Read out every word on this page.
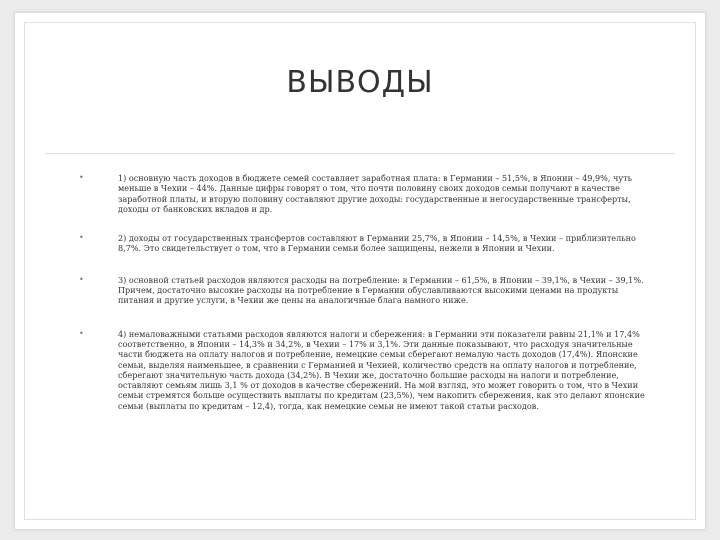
ВЫВОДЫ
•	1) основную часть доходов в бюджете семей составляет заработная плата: в Германии – 51,5%, в Японии – 49,9%, чуть меньше в Чехии – 44%. Данные цифры говорят о том, что почти половину своих доходов семьи получают в качестве заработной платы, и вторую половину составляют другие доходы: государственные и негосударственные трансферты, доходы от банковских вкладов и др.
•	2) доходы от государственных трансфертов составляют в Германии 25,7%, в Японии – 14,5%, в Чехии – приблизительно 8,7%. Это свидетельствует о том, что в Германии семьи более защищены, нежели в Японии и Чехии.
•	3) основной статьей расходов являются расходы на потребление: в Германии – 61,5%, в Японии – 39,1%, в Чехии – 39,1%. Причем, достаточно высокие расходы на потребление в Германии обуславливаются высокими ценами на продукты питания и другие услуги, в Чехии же цены на аналогичные блага намного ниже.
•	4) немаловажными статьями расходов являются налоги и сбережения: в Германии эти показатели равны 21,1% и 17,4% соответственно, в Японии – 14,3% и 34,2%, в Чехии – 17% и 3,1%. Эти данные показывают, что расходуя значительные части бюджета на оплату налогов и потребление, немецкие семьи сберегают немалую часть доходов (17,4%). Японские семьи, выделяя наименьшее, в сравнении с Германией и Чехией, количество средств на оплату налогов и потребление, сберегают значительную часть дохода (34,2%). В Чехии же, достаточно большие расходы на налоги и потребление, оставляют семьям лишь 3,1 % от доходов в качестве сбережений. На мой взгляд, это может говорить о том, что в Чехии семьи стремятся больше осуществить выплаты по кредитам (23,5%), чем накопить сбережения, как это делают японские семьи (выплаты по кредитам – 12,4), тогда, как немецкие семьи не имеют такой статьи расходов.
